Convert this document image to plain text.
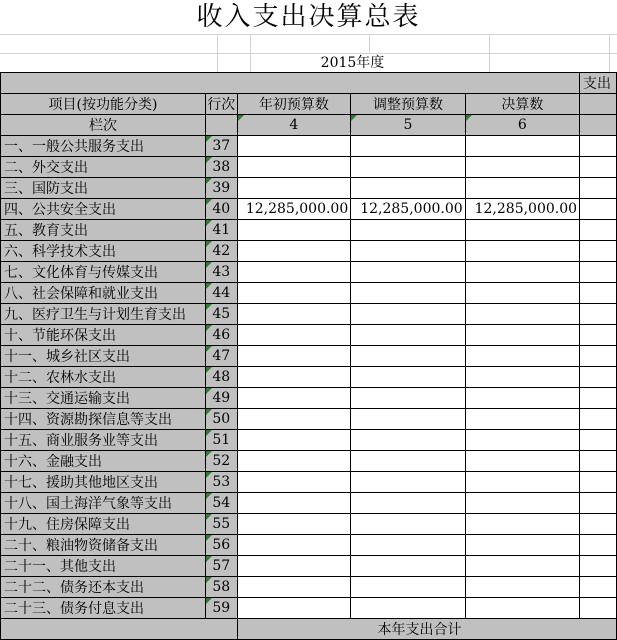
收入支出决算总表
2015年度
					支出
项目(按功能分类)	行次	年初预算数	调整预算数	决算数	
栏次		4	5	6	
一、一般公共服务支出	37				
二、外交支出	38				
三、国防支出	39				
四、公共安全支出	40	12,285,000.00	12,285,000.00	12,285,000.00	
五、教育支出	41				
六、科学技术支出	42				
七、文化体育与传媒支出	43				
八、社会保障和就业支出	44				
九、医疗卫生与计划生育支出	45				
十、节能环保支出	46				
十一、城乡社区支出	47				
十二、农林水支出	48				
十三、交通运输支出	49				
十四、资源勘探信息等支出	50				
十五、商业服务业等支出	51				
十六、金融支出	52				
十七、援助其他地区支出	53				
十八、国土海洋气象等支出	54				
十九、住房保障支出	55				
二十、粮油物资储备支出	56				
二十一、其他支出	57				
二十二、债务还本支出	58				
二十三、债务付息支出	59				
		本年支出合计			
